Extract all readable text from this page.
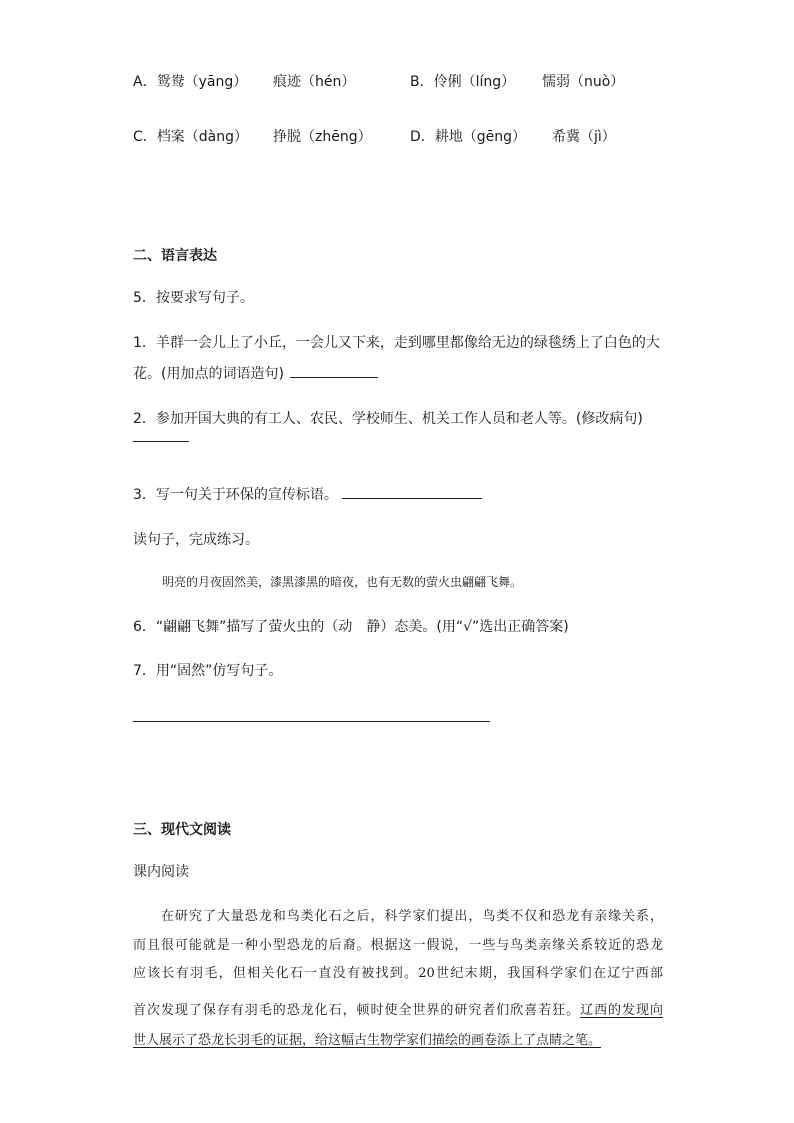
A．鸳鸯（yāng） 痕迹（hén）	B．伶俐（líng） 懦弱（nuò）
C．档案（dàng） 挣脱（zhēng）	D．耕地（gēng） 希冀（jì）
二、语言表达
5．按要求写句子。
1．羊群一会儿上了小丘，一会儿又下来，走到哪里都像给无边的绿毯绣上了白色的大
花。(用加点的词语造句)
2．参加开国大典的有工人、农民、学校师生、机关工作人员和老人等。(修改病句)
3．写一句关于环保的宣传标语。
读句子，完成练习。
明亮的月夜固然美，漆黑漆黑的暗夜，也有无数的萤火虫翩翩飞舞。
6．“翩翩飞舞”描写了萤火虫的（动　静）态美。(用“√”选出正确答案)
7．用“固然”仿写句子。
三、现代文阅读
课内阅读
　　在研究了大量恐龙和鸟类化石之后，科学家们提出，鸟类不仅和恐龙有亲缘关系，
而且很可能就是一种小型恐龙的后裔。根据这一假说，一些与鸟类亲缘关系较近的恐龙
应该长有羽毛，但相关化石一直没有被找到。20世纪末期，我国科学家们在辽宁西部
首次发现了保存有羽毛的恐龙化石，顿时使全世界的研究者们欣喜若狂。辽西的发现向
世人展示了恐龙长羽毛的证据，给这幅古生物学家们描绘的画卷添上了点睛之笔。
